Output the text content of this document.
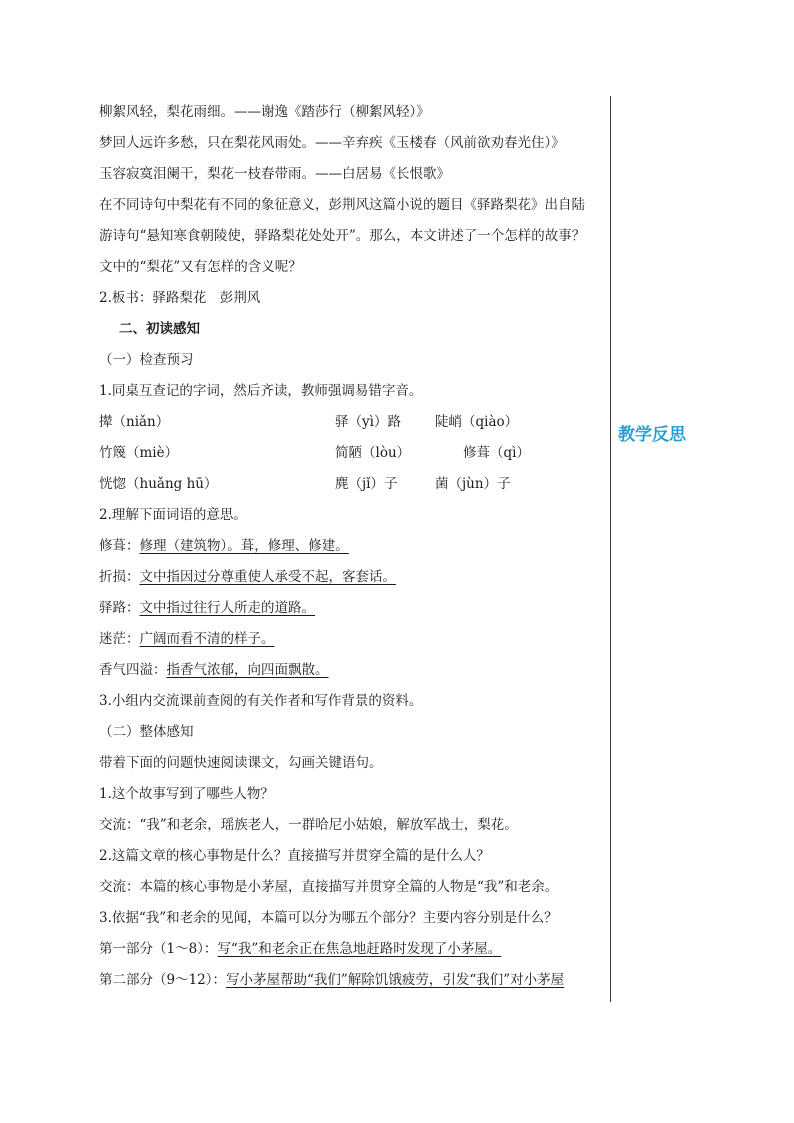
教学反思
柳絮风轻，梨花雨细。——谢逸《踏莎行（柳絮风轻）》
梦回人远许多愁，只在梨花风雨处。——辛弃疾《玉楼春（风前欲劝春光住）》
玉容寂寞泪阑干，梨花一枝春带雨。——白居易《长恨歌》
在不同诗句中梨花有不同的象征意义，彭荆风这篇小说的题目《驿路梨花》出自陆
游诗句“悬知寒食朝陵使，驿路梨花处处开”。那么，本文讲述了一个怎样的故事？
文中的“梨花”又有怎样的含义呢？
2.板书：驿路梨花　彭荆风
二、初读感知
（一）检查预习
1.同桌互查记的字词，然后齐读，教师强调易错字音。
撵（niǎn）	驿（yì）路	陡峭（qiào）
竹篾（miè）	简陋（lòu）	修葺（qì）
恍惚（huǎng hū）	麂（jǐ）子	菌（jùn）子
2.理解下面词语的意思。
修葺：修理（建筑物）。葺，修理、修建。
折损：文中指因过分尊重使人承受不起，客套话。
驿路：文中指过往行人所走的道路。
迷茫：广阔而看不清的样子。
香气四溢：指香气浓郁，向四面飘散。
3.小组内交流课前查阅的有关作者和写作背景的资料。
（二）整体感知
带着下面的问题快速阅读课文，勾画关键语句。
1.这个故事写到了哪些人物？
交流：“我”和老余，瑶族老人，一群哈尼小姑娘，解放军战士，梨花。
2.这篇文章的核心事物是什么？直接描写并贯穿全篇的是什么人？
交流：本篇的核心事物是小茅屋，直接描写并贯穿全篇的人物是“我”和老余。
3.依据“我”和老余的见闻，本篇可以分为哪五个部分？主要内容分别是什么？
第一部分（1～8）：写“我”和老余正在焦急地赶路时发现了小茅屋。
第二部分（9～12）：写小茅屋帮助“我们”解除饥饿疲劳，引发“我们”对小茅屋
